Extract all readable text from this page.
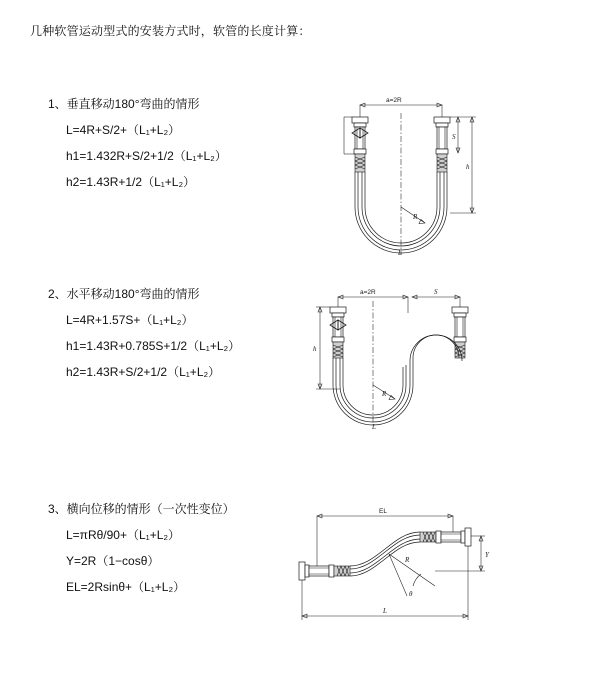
几种软管运动型式的安装方式时，软管的长度计算：
1、垂直移动180°弯曲的情形
L=4R+S/2+（L₁+L₂）
h1=1.432R+S/2+1/2（L₁+L₂）
h2=1.43R+1/2（L₁+L₂）
a=2R
R
h
S
L
2、水平移动180°弯曲的情形
L=4R+1.57S+（L₁+L₂）
h1=1.43R+0.785S+1/2（L₁+L₂）
h2=1.43R+S/2+1/2（L₁+L₂）
a=2R	S
R
h
L
3、横向位移的情形（一次性变位）
L=πRθ/90+（L₁+L₂）
Y=2R（1−cosθ）
EL=2Rsinθ+（L₁+L₂）
EL
Y
R
θ
L
